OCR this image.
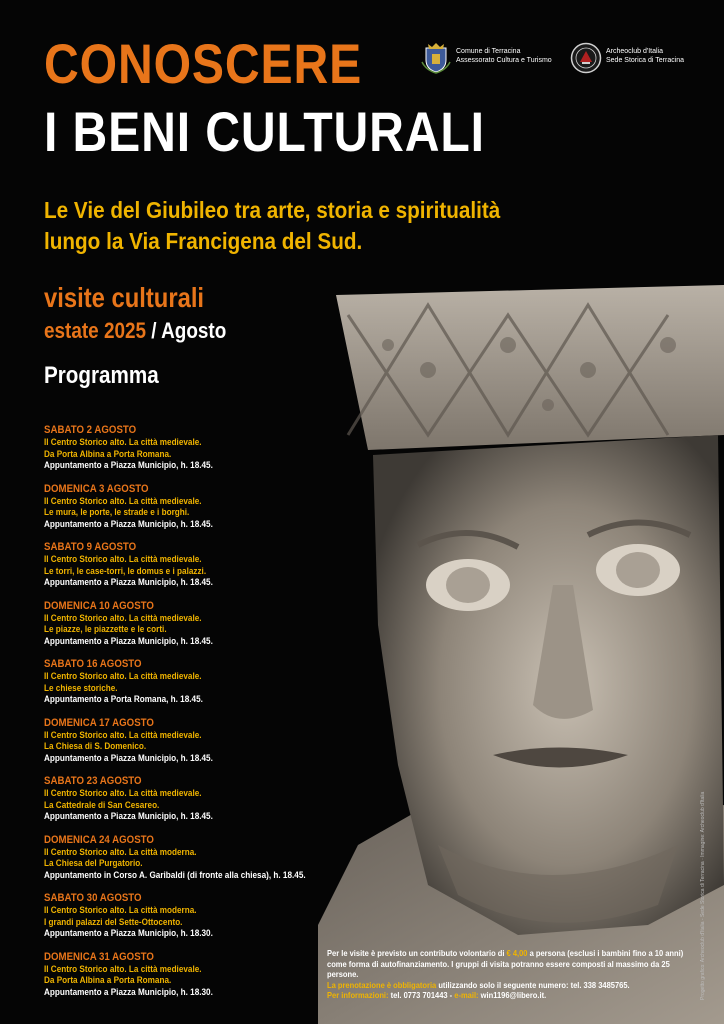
CONOSCERE
I BENI CULTURALI
Comune di Terracina
Assessorato Cultura e Turismo
Archeoclub d'Italia
Sede Storica di Terracina
Le Vie del Giubileo tra arte, storia e spiritualità
lungo la Via Francigena del Sud.
visite culturali
estate 2025 / Agosto
Programma
SABATO 2 AGOSTO
Il Centro Storico alto. La città medievale.
Da Porta Albina a Porta Romana.
Appuntamento a Piazza Municipio, h. 18.45.
DOMENICA 3 AGOSTO
Il Centro Storico alto. La città medievale.
Le mura, le porte, le strade e i borghi.
Appuntamento a Piazza Municipio, h. 18.45.
SABATO 9 AGOSTO
Il Centro Storico alto. La città medievale.
Le torri, le case-torri, le domus e i palazzi.
Appuntamento a Piazza Municipio, h. 18.45.
DOMENICA 10 AGOSTO
Il Centro Storico alto. La città medievale.
Le piazze, le piazzette e le corti.
Appuntamento a Piazza Municipio, h. 18.45.
SABATO 16 AGOSTO
Il Centro Storico alto. La città medievale.
Le chiese storiche.
Appuntamento a Porta Romana, h. 18.45.
DOMENICA 17 AGOSTO
Il Centro Storico alto. La città medievale.
La Chiesa di S. Domenico.
Appuntamento a Piazza Municipio, h. 18.45.
SABATO 23 AGOSTO
Il Centro Storico alto. La città medievale.
La Cattedrale di San Cesareo.
Appuntamento a Piazza Municipio, h. 18.45.
DOMENICA 24 AGOSTO
Il Centro Storico alto. La città moderna.
La Chiesa del Purgatorio.
Appuntamento in Corso A. Garibaldi (di fronte alla chiesa), h. 18.45.
SABATO 30 AGOSTO
Il Centro Storico alto. La città moderna.
I grandi palazzi del Sette-Ottocento.
Appuntamento a Piazza Municipio, h. 18.30.
DOMENICA 31 AGOSTO
Il Centro Storico alto. La città medievale.
Da Porta Albina a Porta Romana.
Appuntamento a Piazza Municipio, h. 18.30.
Per le visite è previsto un contributo volontario di € 4,00 a persona (esclusi i bambini fino a 10 anni)
come forma di autofinanziamento. I gruppi di visita potranno essere composti al massimo da 25 persone.
La prenotazione è obbligatoria utilizzando solo il seguente numero: tel. 338 3485765.
Per informazioni: tel. 0773 701443 - e-mail: win1196@libero.it.	Progetto grafico: Archeoclub d'Italia - Sede Storica di Terracina · Immagine: Archeoclub d'Italia
